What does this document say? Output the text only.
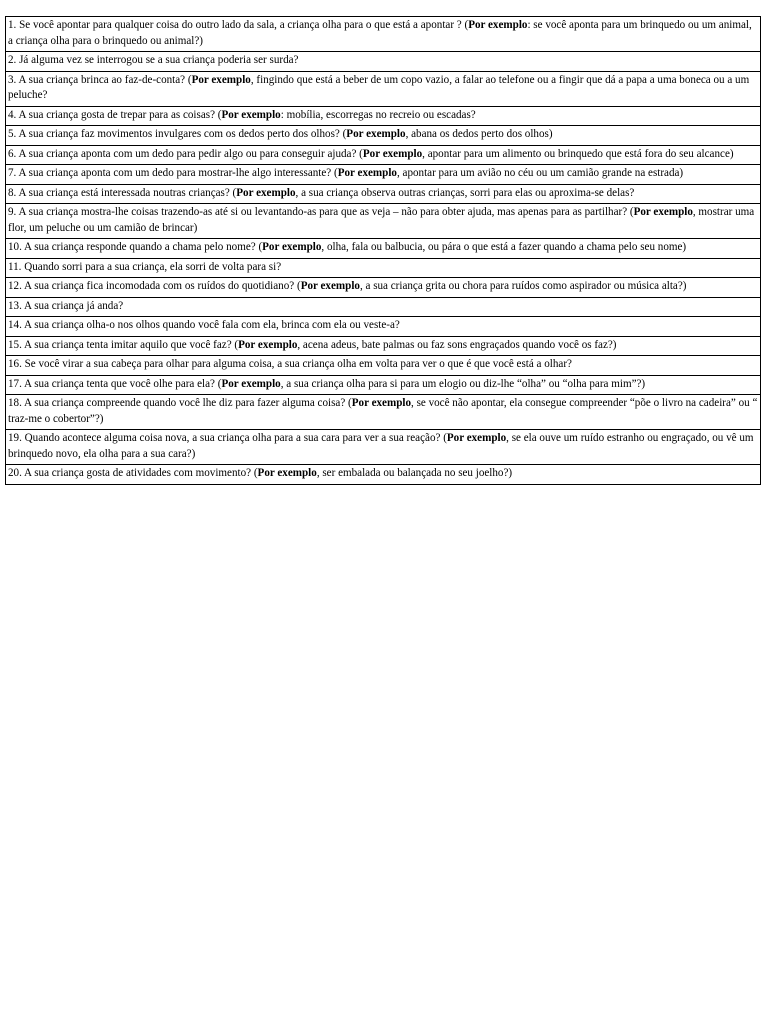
1. Se você apontar para qualquer coisa do outro lado da sala, a criança olha para o que está a apontar ? (Por exemplo: se você aponta para um brinquedo ou um animal, a criança olha para o brinquedo ou animal?)
2. Já alguma vez se interrogou se a sua criança poderia ser surda?
3. A sua criança brinca ao faz-de-conta? (Por exemplo, fingindo que está a beber de um copo vazio, a falar ao telefone ou a fingir que dá a papa a uma boneca ou a um peluche?
4. A sua criança gosta de trepar para as coisas? (Por exemplo: mobília, escorregas no recreio ou escadas?
5. A sua criança faz movimentos invulgares com os dedos perto dos olhos? (Por exemplo, abana os dedos perto dos olhos)
6. A sua criança aponta com um dedo para pedir algo ou para conseguir ajuda? (Por exemplo, apontar para um alimento ou brinquedo que está fora do seu alcance)
7. A sua criança aponta com um dedo para mostrar-lhe algo interessante? (Por exemplo, apontar para um avião no céu ou um camião grande na estrada)
8. A sua criança está interessada noutras crianças? (Por exemplo, a sua criança observa outras crianças, sorri para elas ou aproxima-se delas?
9. A sua criança mostra-lhe coisas trazendo-as até si ou levantando-as para que as veja – não para obter ajuda, mas apenas para as partilhar? (Por exemplo, mostrar uma flor, um peluche ou um camião de brincar)
10. A sua criança responde quando a chama pelo nome? (Por exemplo, olha, fala ou balbucia, ou pára o que está a fazer quando a chama pelo seu nome)
11. Quando sorri para a sua criança, ela sorri de volta para si?
12. A sua criança fica incomodada com os ruídos do quotidiano? (Por exemplo, a sua criança grita ou chora para ruídos como aspirador ou música alta?)
13. A sua criança já anda?
14. A sua criança olha-o nos olhos quando você fala com ela, brinca com ela ou veste-a?
15. A sua criança tenta imitar aquilo que você faz? (Por exemplo, acena adeus, bate palmas ou faz sons engraçados quando você os faz?)
16. Se você virar a sua cabeça para olhar para alguma coisa, a sua criança olha em volta para ver o que é que você está a olhar?
17. A sua criança tenta que você olhe para ela? (Por exemplo, a sua criança olha para si para um elogio ou diz-lhe “olha” ou “olha para mim”?)
18. A sua criança compreende quando você lhe diz para fazer alguma coisa? (Por exemplo, se você não apontar, ela consegue compreender “põe o livro na cadeira” ou “ traz-me o cobertor”?)
19. Quando acontece alguma coisa nova, a sua criança olha para a sua cara para ver a sua reação? (Por exemplo, se ela ouve um ruído estranho ou engraçado, ou vê um brinquedo novo, ela olha para a sua cara?)
20. A sua criança gosta de atividades com movimento? (Por exemplo, ser embalada ou balançada no seu joelho?)
